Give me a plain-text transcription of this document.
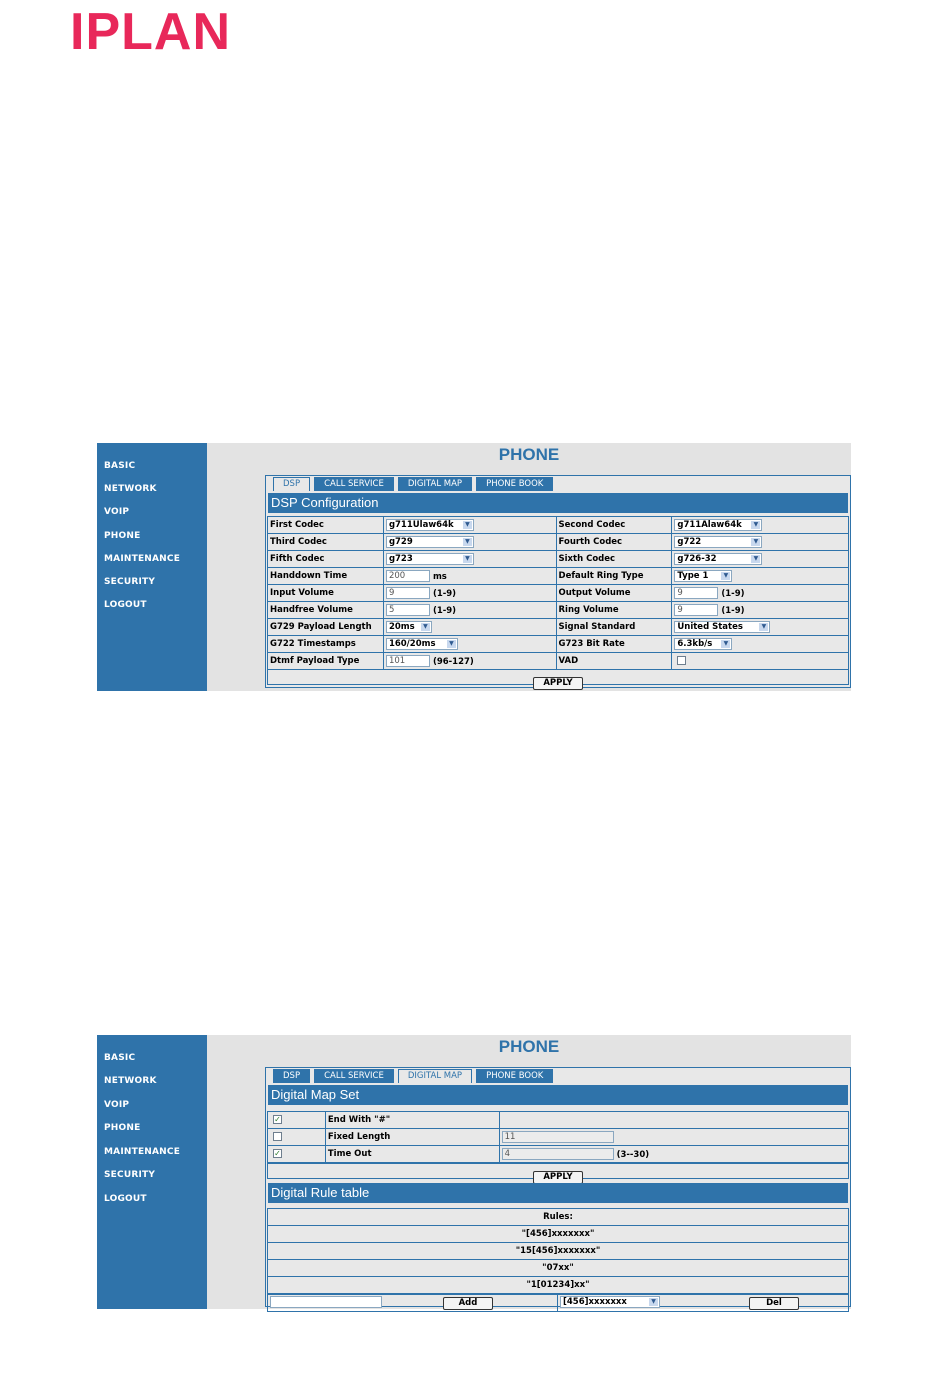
IPLAN
BASIC
NETWORK
VOIP
PHONE
MAINTENANCE
SECURITY
LOGOUT
PHONE
DSP	CALL SERVICE	DIGITAL MAP	PHONE BOOK
DSP Configuration
First Codec	g711Ulaw64k ▼	Second Codec	g711Alaw64k ▼

Third Codec	g729 ▼	Fourth Codec	g722 ▼

Fifth Codec	g723 ▼	Sixth Codec	g726-32 ▼

Handdown Time	200 ms	Default Ring Type	Type 1 ▼

Input Volume	9 (1-9)	Output Volume	9 (1-9)
Handfree Volume	5 (1-9)	Ring Volume	9 (1-9)
G729 Payload Length	20ms ▼	Signal Standard	United States ▼

G722 Timestamps	160/20ms ▼	G723 Bit Rate	6.3kb/s ▼

Dtmf Payload Type	101 (96-127)	VAD	
APPLY
BASIC
NETWORK
VOIP
PHONE
MAINTENANCE
SECURITY
LOGOUT
PHONE
DSP	CALL SERVICE	DIGITAL MAP	PHONE BOOK
Digital Map Set
✓	End With "#"	
	Fixed Length	11
✓	Time Out	4 (3--30)
APPLY
Digital Rule table
Rules:
"[456]xxxxxxx"
"15[456]xxxxxxx"
"07xx"
"1[01234]xx"
Add	[456]xxxxxxx	▼	Del
